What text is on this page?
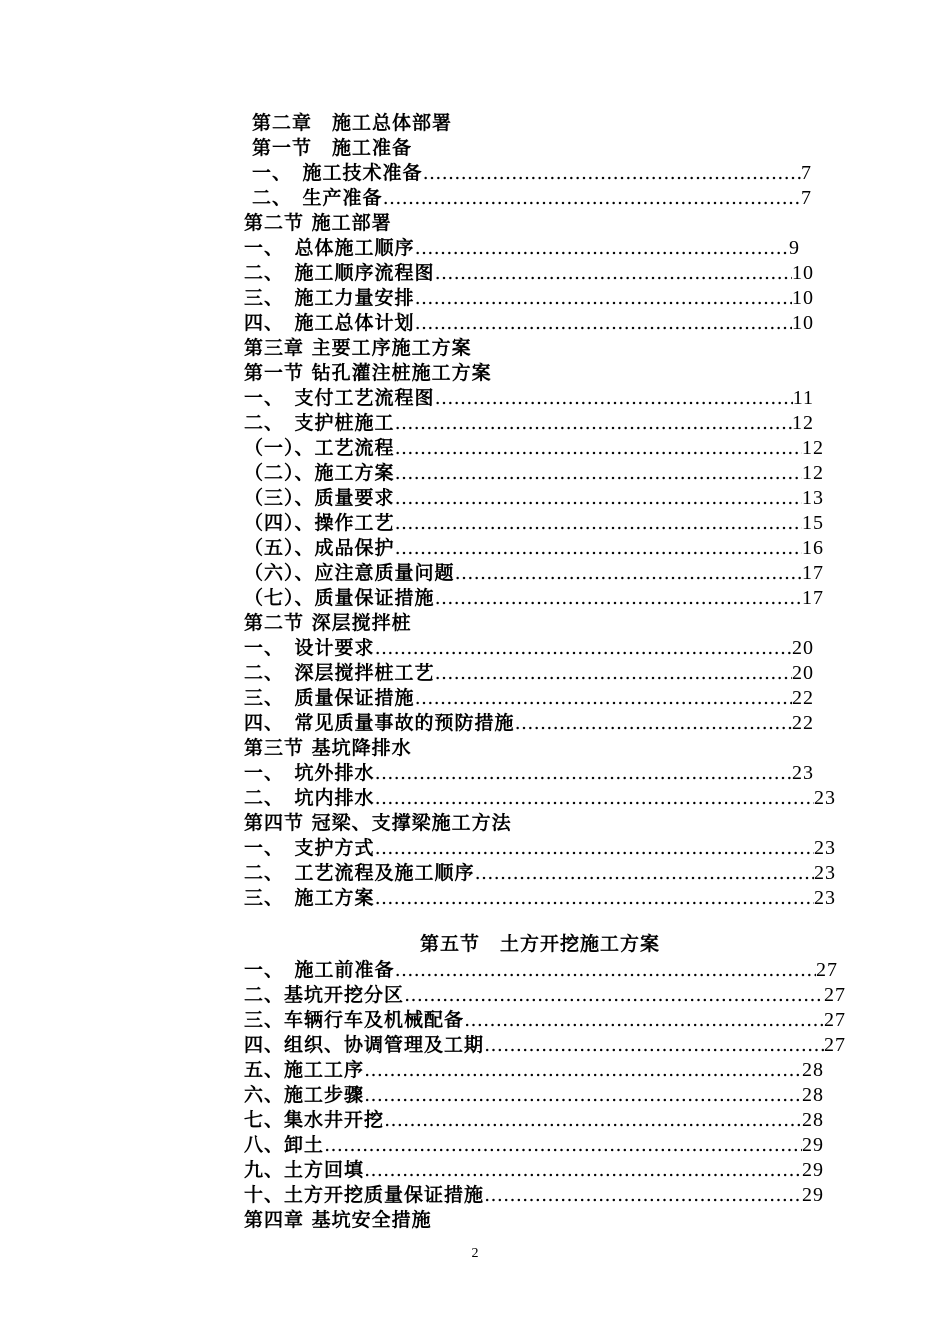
第二章　施工总体部署
第一节　施工准备
一、　施工技术准备 …………………………………………………………………………………………………………………………………………………………………………	7
二、　生产准备 …………………………………………………………………………………………………………………………………………………………………………	7
第二节 施工部署
一、　总体施工顺序 …………………………………………………………………………………………………………………………………………………………………………	9
二、　施工顺序流程图 …………………………………………………………………………………………………………………………………………………………………………	10
三、　施工力量安排 …………………………………………………………………………………………………………………………………………………………………………	10
四、　施工总体计划 …………………………………………………………………………………………………………………………………………………………………………	10
第三章 主要工序施工方案
第一节 钻孔灌注桩施工方案
一、　支付工艺流程图 …………………………………………………………………………………………………………………………………………………………………………	11
二、　支护桩施工 …………………………………………………………………………………………………………………………………………………………………………	12
（一）、工艺流程 …………………………………………………………………………………………………………………………………………………………………………	12
（二）、施工方案 …………………………………………………………………………………………………………………………………………………………………………	12
（三）、质量要求 …………………………………………………………………………………………………………………………………………………………………………	13
（四）、操作工艺 …………………………………………………………………………………………………………………………………………………………………………	15
（五）、成品保护 …………………………………………………………………………………………………………………………………………………………………………	16
（六）、应注意质量问题 …………………………………………………………………………………………………………………………………………………………………………	17
（七）、质量保证措施 …………………………………………………………………………………………………………………………………………………………………………	17
第二节 深层搅拌桩
一、　设计要求 …………………………………………………………………………………………………………………………………………………………………………	20
二、　深层搅拌桩工艺 …………………………………………………………………………………………………………………………………………………………………………	20
三、　质量保证措施 …………………………………………………………………………………………………………………………………………………………………………	22
四、　常见质量事故的预防措施 …………………………………………………………………………………………………………………………………………………………………………	22
第三节 基坑降排水
一、　坑外排水 …………………………………………………………………………………………………………………………………………………………………………	23
二、　坑内排水 …………………………………………………………………………………………………………………………………………………………………………	23
第四节 冠梁、支撑梁施工方法
一、　支护方式 …………………………………………………………………………………………………………………………………………………………………………	23
二、　工艺流程及施工顺序 …………………………………………………………………………………………………………………………………………………………………………	23
三、　施工方案 …………………………………………………………………………………………………………………………………………………………………………	23
第五节　土方开挖施工方案
一、　施工前准备 …………………………………………………………………………………………………………………………………………………………………………	27
二、基坑开挖分区 …………………………………………………………………………………………………………………………………………………………………………	27
三、车辆行车及机械配备 …………………………………………………………………………………………………………………………………………………………………………	27
四、组织、协调管理及工期 …………………………………………………………………………………………………………………………………………………………………………	27
五、施工工序 …………………………………………………………………………………………………………………………………………………………………………	28
六、施工步骤 …………………………………………………………………………………………………………………………………………………………………………	28
七、集水井开挖 …………………………………………………………………………………………………………………………………………………………………………	28
八、卸土 …………………………………………………………………………………………………………………………………………………………………………	29
九、土方回填 …………………………………………………………………………………………………………………………………………………………………………	29
十、土方开挖质量保证措施 …………………………………………………………………………………………………………………………………………………………………………	29
第四章 基坑安全措施
2
